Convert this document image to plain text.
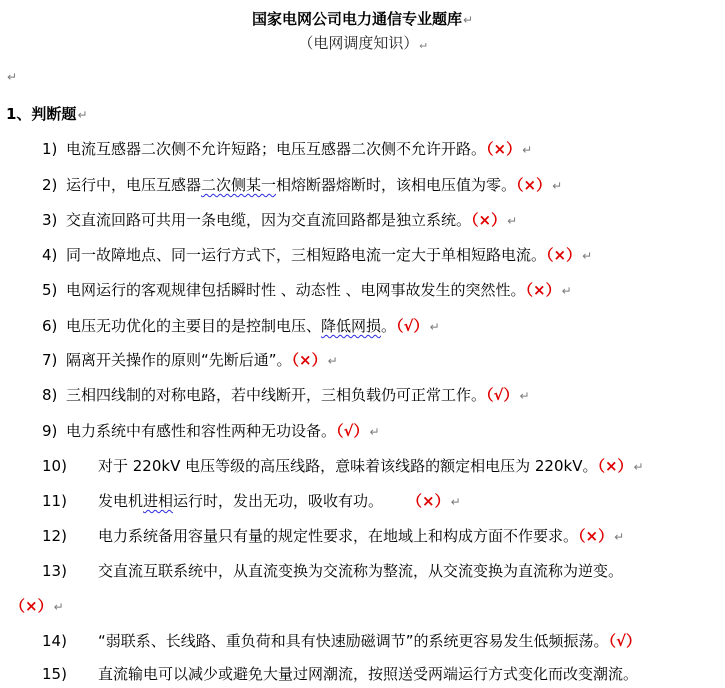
国家电网公司电力通信专业题库↵
（电网调度知识）↵
↵
1、判断题↵
1) 电流互感器二次侧不允许短路；电压互感器二次侧不允许开路。（×）↵
2) 运行中，电压互感器二次侧某一相熔断器熔断时，该相电压值为零。（×）↵
3) 交直流回路可共用一条电缆，因为交直流回路都是独立系统。（×）↵
4) 同一故障地点、同一运行方式下，三相短路电流一定大于单相短路电流。（×）↵
5) 电网运行的客观规律包括瞬时性 、动态性 、电网事故发生的突然性。（×）↵
6) 电压无功优化的主要目的是控制电压、降低网损。（√）↵
7) 隔离开关操作的原则“先断后通”。（×）↵
8) 三相四线制的对称电路，若中线断开，三相负载仍可正常工作。（√）↵
9) 电力系统中有感性和容性两种无功设备。（√）↵
10) 对于 220kV 电压等级的高压线路，意味着该线路的额定相电压为 220kV。（×）↵
11) 发电机进相运行时，发出无功，吸收有功。 （×）↵
12) 电力系统备用容量只有量的规定性要求，在地域上和构成方面不作要求。（×）↵
13) 交直流互联系统中，从直流变换为交流称为整流，从交流变换为直流称为逆变。
（×）↵
14) “弱联系、长线路、重负荷和具有快速励磁调节”的系统更容易发生低频振荡。（√）
15) 直流输电可以减少或避免大量过网潮流，按照送受两端运行方式变化而改变潮流。
